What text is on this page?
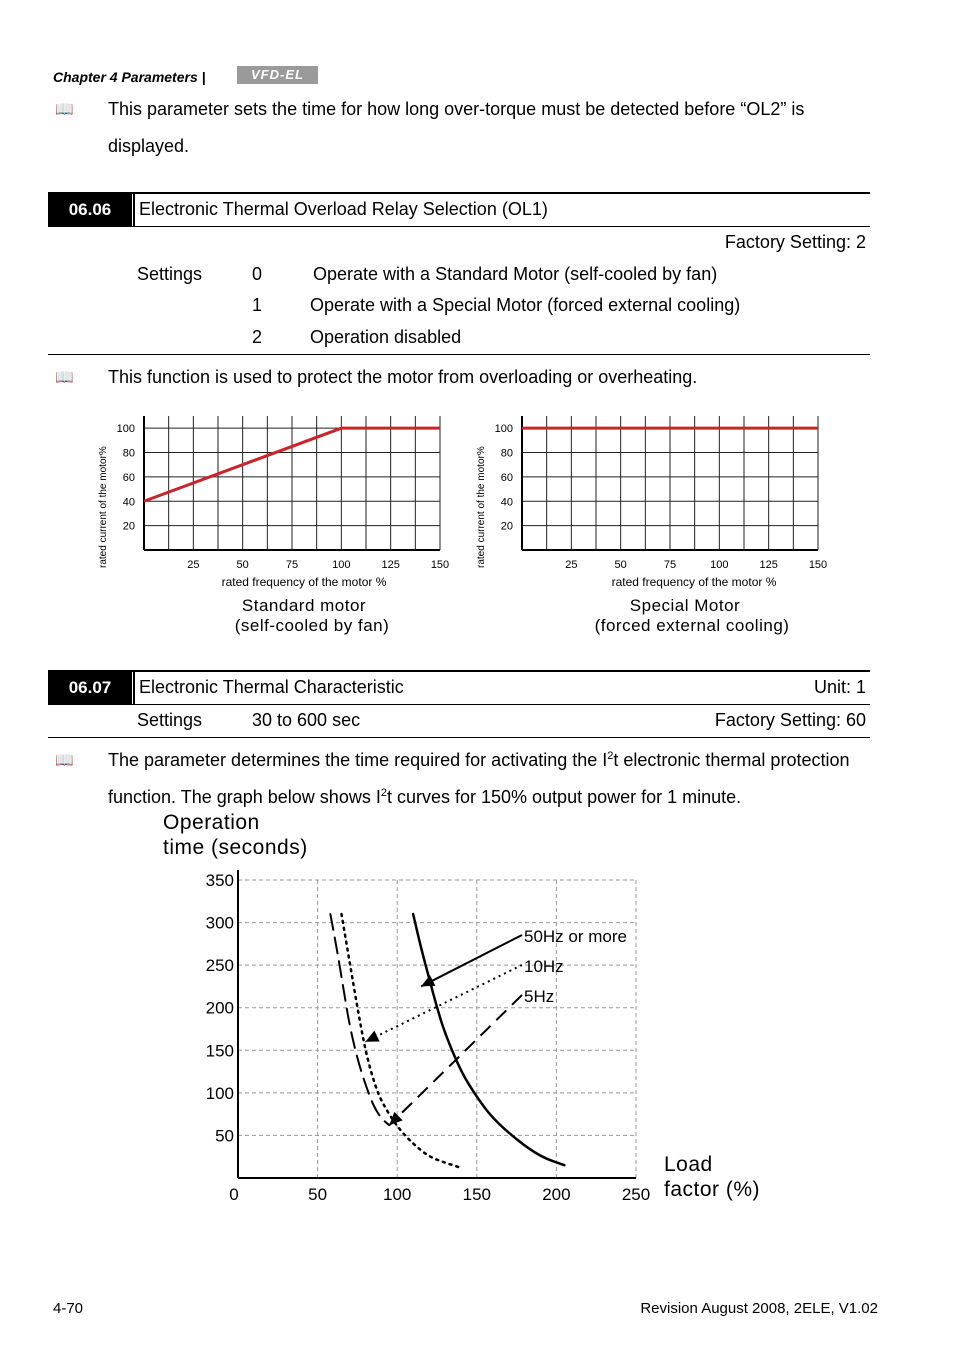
Chapter 4 Parameters |	VFD-EL
📖 This parameter sets the time for how long over-torque must be detected before “OL2” is
displayed.
06.06	Electronic Thermal Overload Relay Selection (OL1)
Factory Setting: 2
Settings	0	Operate with a Standard Motor (self-cooled by fan)
1	Operate with a Special Motor (forced external cooling)
2	Operation disabled
📖 This function is used to protect the motor from overloading or overheating.
rated current of the motor% 20
40
60
80
100
25	50	75	100	125	150
rated frequency of the motor %
Standard motor
(self-cooled by fan)
rated current of the motor% 20
40
60
80
100
25	50	75	100	125	150
rated frequency of the motor %
Special Motor
(forced external cooling)
06.07	Electronic Thermal Characteristic	Unit: 1
Settings	30 to 600 sec	Factory Setting: 60
📖 The parameter determines the time required for activating the $I^2t$ electronic thermal protection
function. The graph below shows $I^2t$ curves for 150% output power for 1 minute.
Operation
time (seconds)
0	50	100	150	200	250
50
100
150
200
250
300
350
50Hz or more
10Hz
5Hz
Load
factor (%)
4-70	Revision August 2008, 2ELE, V1.02
